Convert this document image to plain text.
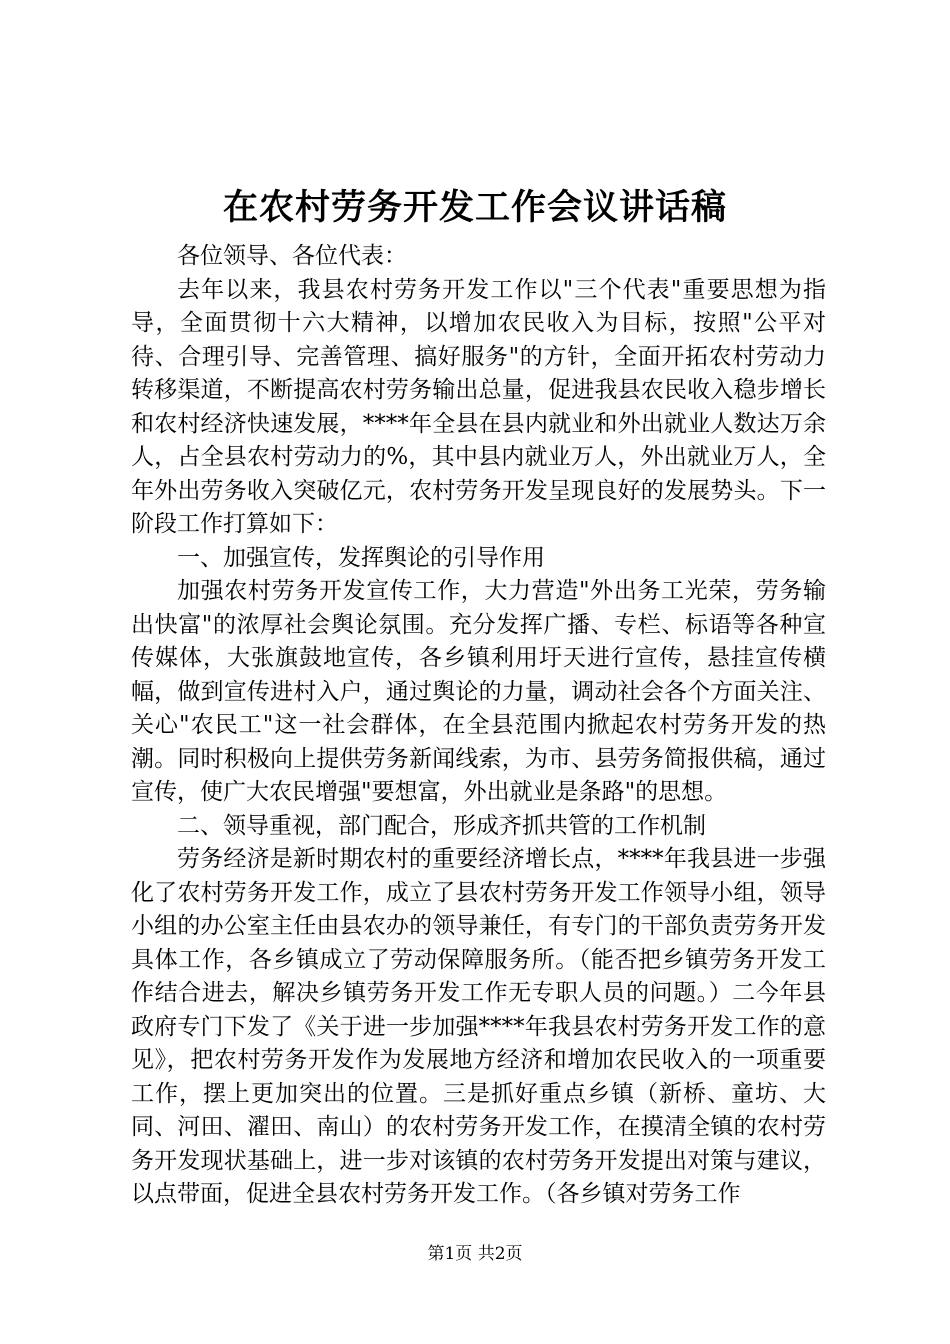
在农村劳务开发工作会议讲话稿

各位领导、各位代表：

去年以来，我县农村劳务开发工作以"三个代表"重要思想为指导，全面贯彻十六大精神，以增加农民收入为目标，按照"公平对待、合理引导、完善管理、搞好服务"的方针，全面开拓农村劳动力转移渠道，不断提高农村劳务输出总量，促进我县农民收入稳步增长和农村经济快速发展，****年全县在县内就业和外出就业人数达万余人，占全县农村劳动力的%，其中县内就业万人，外出就业万人，全年外出劳务收入突破亿元，农村劳务开发呈现良好的发展势头。下一阶段工作打算如下：

一、加强宣传，发挥舆论的引导作用

加强农村劳务开发宣传工作，大力营造"外出务工光荣，劳务输出快富"的浓厚社会舆论氛围。充分发挥广播、专栏、标语等各种宣传媒体，大张旗鼓地宣传，各乡镇利用圩天进行宣传，悬挂宣传横幅，做到宣传进村入户，通过舆论的力量，调动社会各个方面关注、关心"农民工"这一社会群体，在全县范围内掀起农村劳务开发的热潮。同时积极向上提供劳务新闻线索，为市、县劳务简报供稿，通过宣传，使广大农民增强"要想富，外出就业是条路"的思想。

二、领导重视，部门配合，形成齐抓共管的工作机制

劳务经济是新时期农村的重要经济增长点，****年我县进一步强化了农村劳务开发工作，成立了县农村劳务开发工作领导小组，领导小组的办公室主任由县农办的领导兼任，有专门的干部负责劳务开发具体工作，各乡镇成立了劳动保障服务所。（能否把乡镇劳务开发工作结合进去，解决乡镇劳务开发工作无专职人员的问题。）二今年县政府专门下发了《关于进一步加强****年我县农村劳务开发工作的意见》，把农村劳务开发作为发展地方经济和增加农民收入的一项重要工作，摆上更加突出的位置。三是抓好重点乡镇（新桥、童坊、大同、河田、濯田、南山）的农村劳务开发工作，在摸清全镇的农村劳务开发现状基础上，进一步对该镇的农村劳务开发提出对策与建议，以点带面，促进全县农村劳务开发工作。（各乡镇对劳务工作

第1页 共2页
